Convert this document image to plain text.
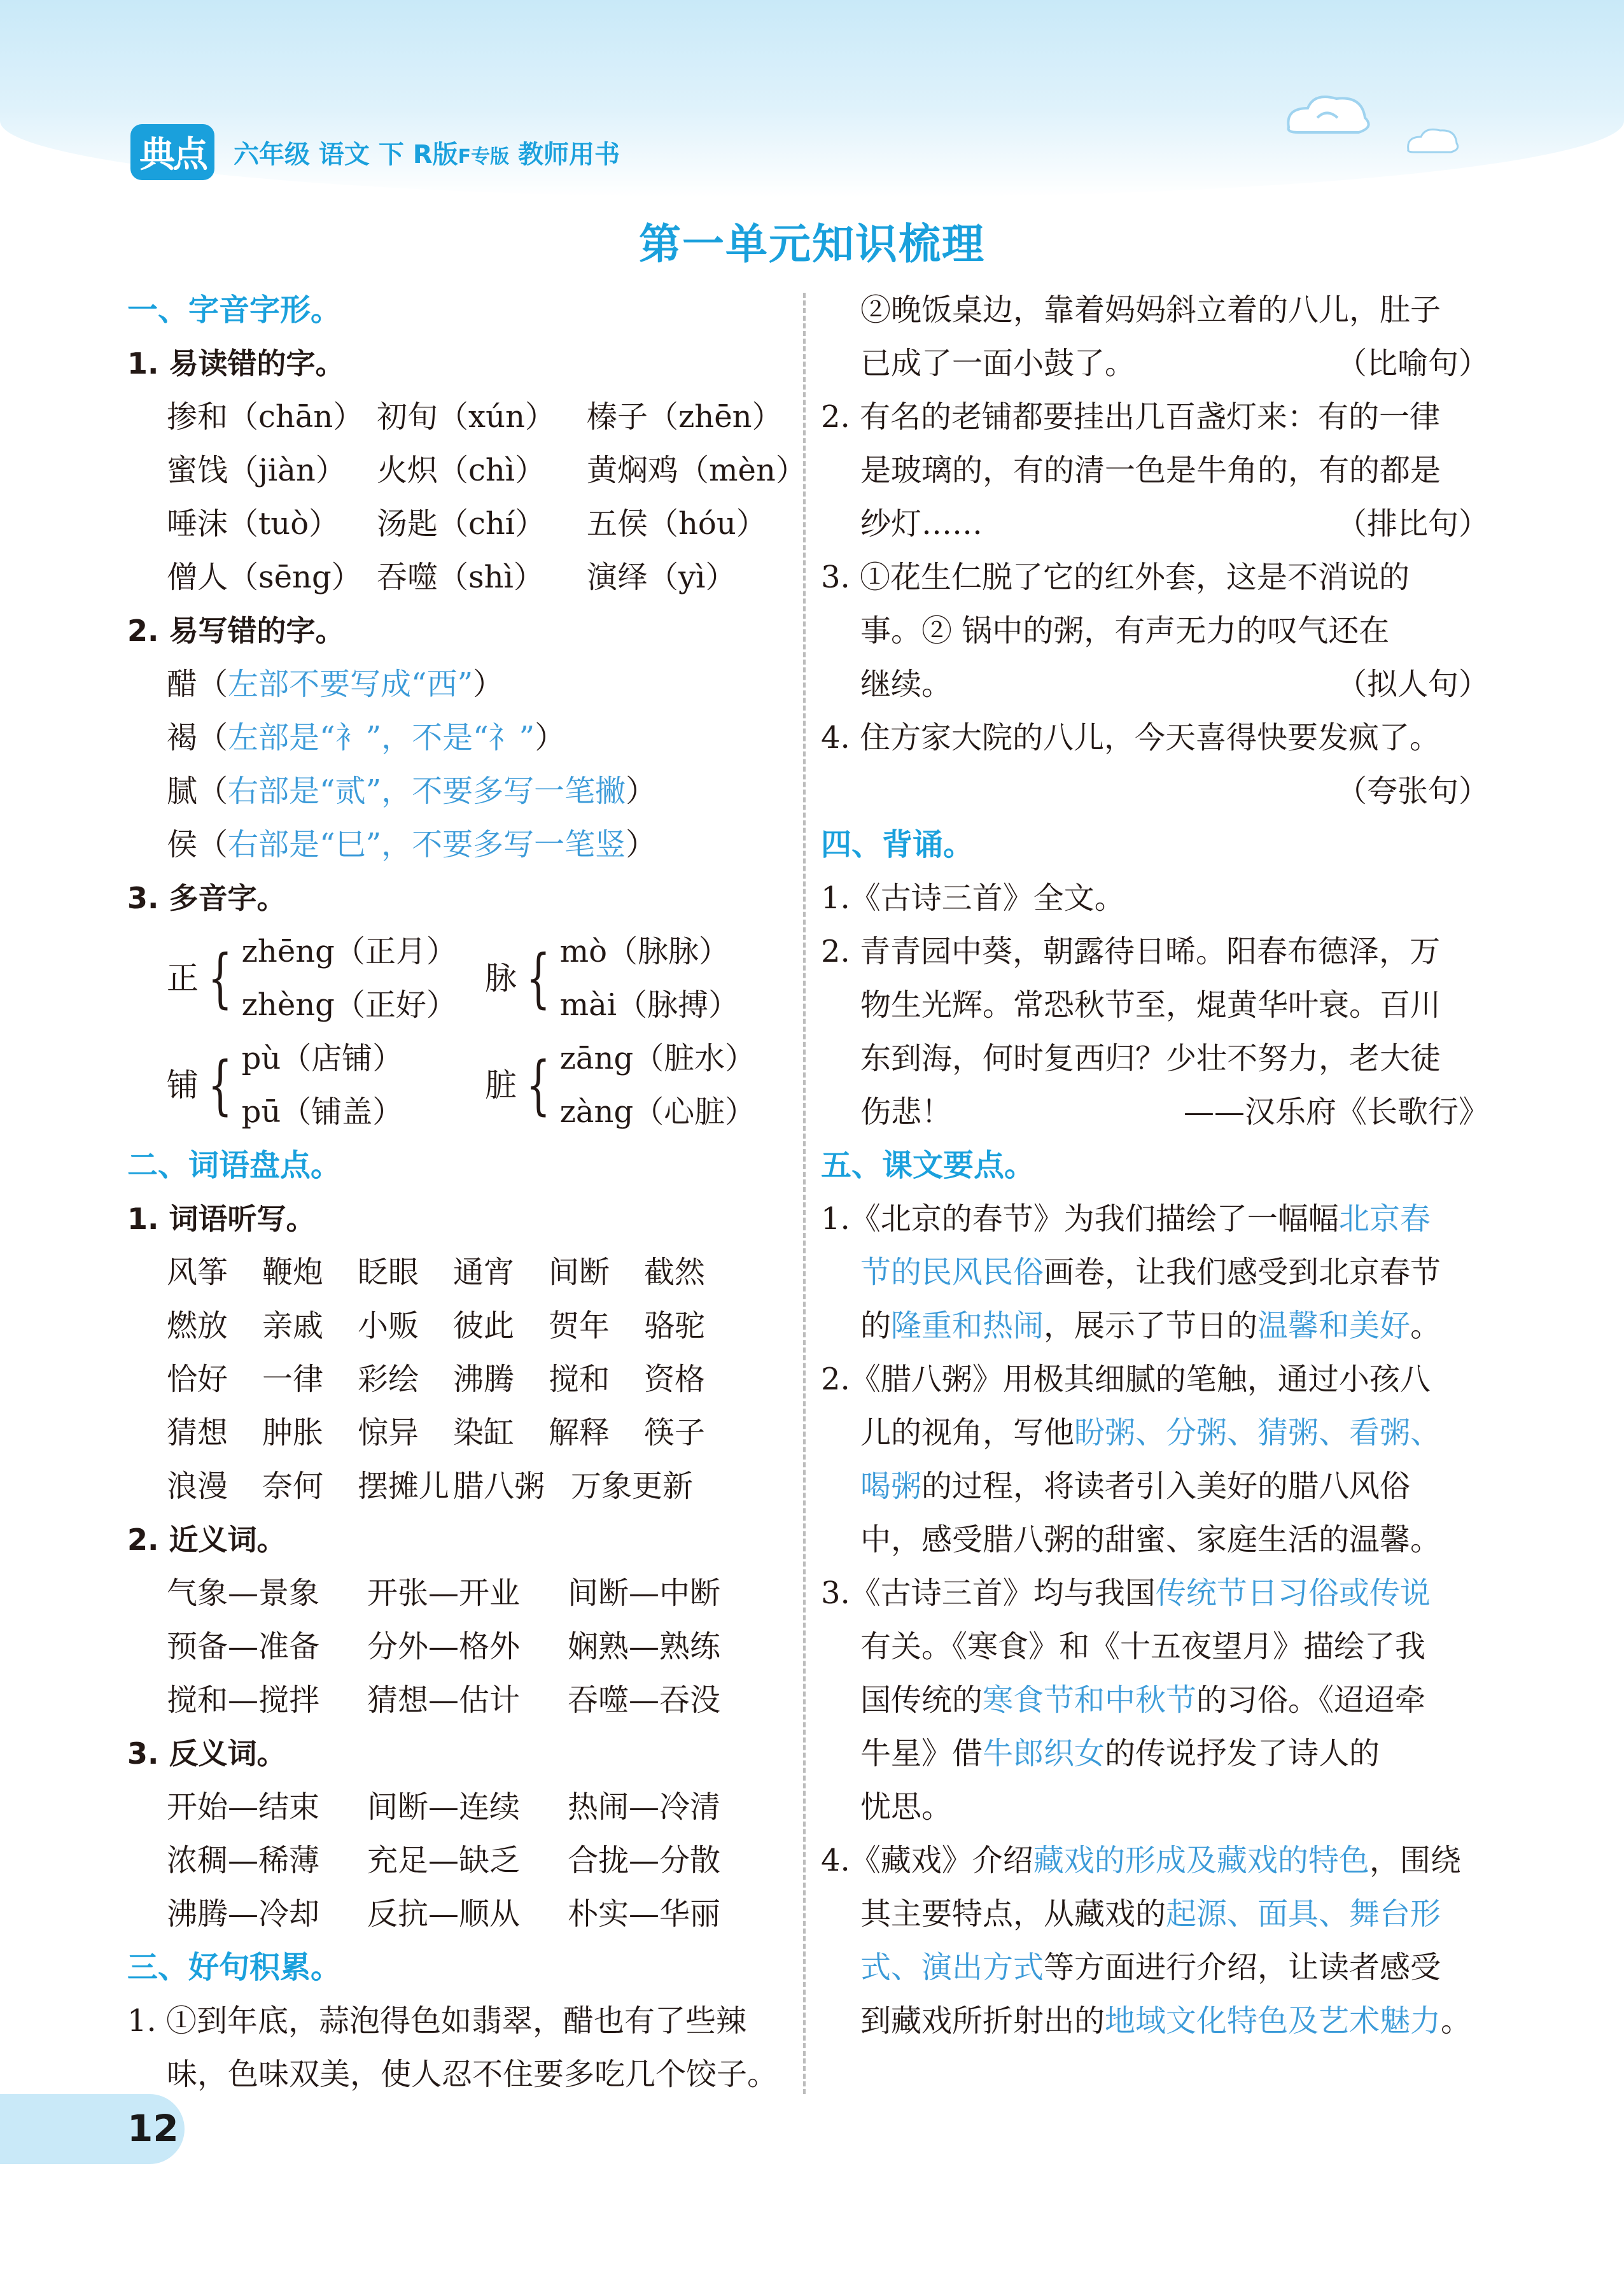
典点	六年级 语文 下 R版F专版 教师用书
第一单元知识梳理
一、字音字形。
1. 易读错的字。
掺和（chān） 初旬（xún）	榛子（zhēn）
蜜饯（jiàn）	火炽（chì）	黄焖鸡（mèn）
唾沫（tuò）	汤匙（chí）	五侯（hóu）
僧人（sēng） 吞噬（shì）	演绎（yì）
2. 易写错的字。
醋（左部不要写成“西”）
褐（左部是“衤”，不是“礻”）
腻（右部是“贰”，不要多写一笔撇）
侯（右部是“⺒”，不要多写一笔竖）
3. 多音字。
正 { zhēng（正月）
zhèng（正好）
脉 { mò（脉脉）
mài（脉搏）
铺 { pù（店铺）
pū（铺盖）
脏 { zāng（脏水）
zàng（心脏）
二、词语盘点。
1. 词语听写。
风筝	鞭炮	眨眼	通宵	间断	截然
燃放	亲戚	小贩	彼此	贺年	骆驼
恰好	一律	彩绘	沸腾	搅和	资格
猜想	肿胀	惊异	染缸	解释	筷子
浪漫	奈何	摆摊儿 腊八粥 万象更新
2. 近义词。
气象—景象	开张—开业	间断—中断
预备—准备	分外—格外	娴熟—熟练
搅和—搅拌	猜想—估计	吞噬—吞没
3. 反义词。
开始—结束	间断—连续	热闹—冷清
浓稠—稀薄	充足—缺乏	合拢—分散
沸腾—冷却	反抗—顺从	朴实—华丽
三、好句积累。
1. ①到年底，蒜泡得色如翡翠，醋也有了些辣
味，色味双美，使人忍不住要多吃几个饺子。
②晚饭桌边，靠着妈妈斜立着的八儿，肚子
已成了一面小鼓了。	（比喻句）
2. 有名的老铺都要挂出几百盏灯来：有的一律
是玻璃的，有的清一色是牛角的，有的都是
纱灯……	（排比句）
3. ①花生仁脱了它的红外套，这是不消说的
事。② 锅中的粥，有声无力的叹气还在
继续。	（拟人句）
4. 住方家大院的八儿，今天喜得快要发疯了。
（夸张句）
四、背诵。
1.《古诗三首》全文。
2. 青青园中葵，朝露待日晞。阳春布德泽，万
物生光辉。常恐秋节至，焜黄华叶衰。百川
东到海，何时复西归？少壮不努力，老大徒
伤悲！	——汉乐府《长歌行》
五、课文要点。
1.《北京的春节》为我们描绘了一幅幅北京春
节的民风民俗画卷，让我们感受到北京春节
的隆重和热闹，展示了节日的温馨和美好。
2.《腊八粥》用极其细腻的笔触，通过小孩八
儿的视角，写他盼粥、分粥、猜粥、看粥、
喝粥的过程，将读者引入美好的腊八风俗
中，感受腊八粥的甜蜜、家庭生活的温馨。
3.《古诗三首》均与我国传统节日习俗或传说
有关。《寒食》和《十五夜望月》描绘了我
国传统的寒食节和中秋节的习俗。《迢迢牵
牛星》借牛郎织女的传说抒发了诗人的
忧思。
4.《藏戏》介绍藏戏的形成及藏戏的特色，围绕
其主要特点，从藏戏的起源、面具、舞台形
式、演出方式等方面进行介绍，让读者感受
到藏戏所折射出的地域文化特色及艺术魅力。
12
